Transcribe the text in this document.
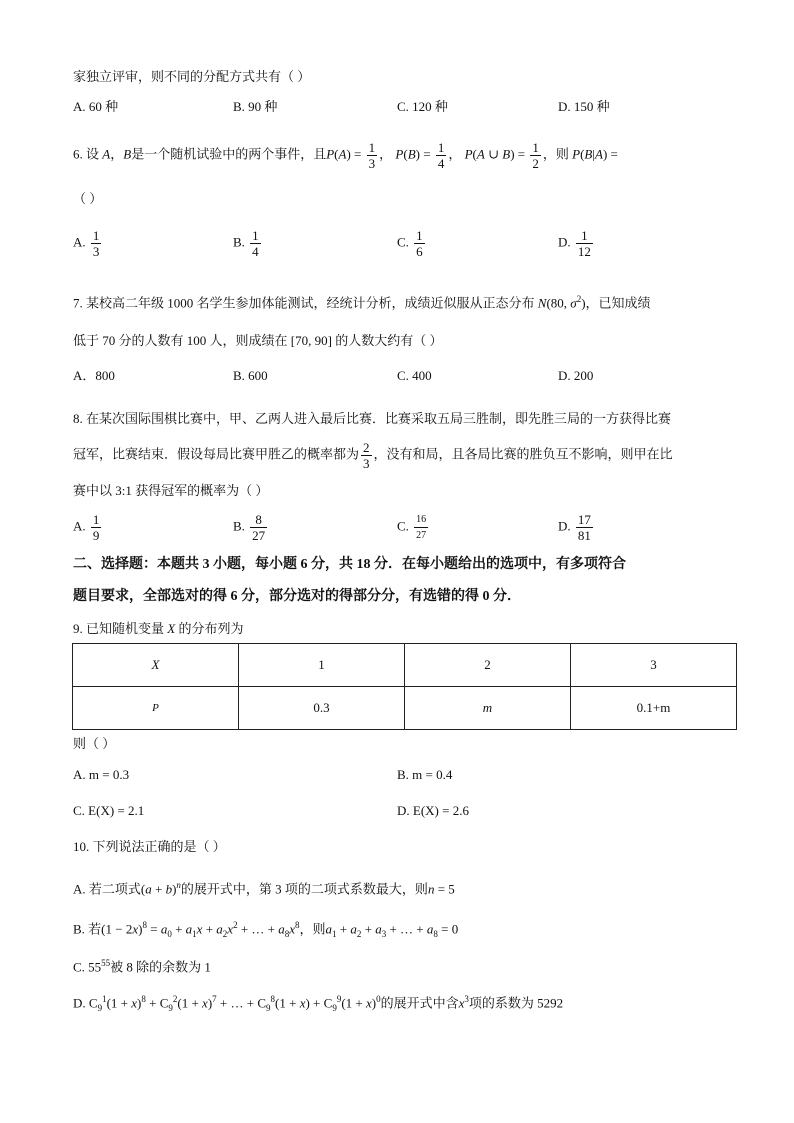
家独立评审，则不同的分配方式共有（ ）
A. 60 种	B. 90 种	C. 120 种	D. 150 种
6. 设 A，B是一个随机试验中的两个事件，且$P(A) = \frac{1}{3}$ ， $P(B) = \frac{1}{4}$ ， P(A ∪ $B) = \frac{1}{2}$ ，则 P(B|A) =
（ ）
A. $\frac{1}{3}$	B. $\frac{1}{4}$	C. $\frac{1}{6}$	D. $\frac{1}{12}$
7. 某校高二年级 1000 名学生参加体能测试，经统计分析，成绩近似服从正态分布 N(80, $\sigma^2$)，已知成绩
低于 70 分的人数有 100 人，则成绩在 [70, 90] 的人数大约有（ ）
A．800	B. 600	C. 400	D. 200
8. 在某次国际围棋比赛中，甲、乙两人进入最后比赛．比赛采取五局三胜制，即先胜三局的一方获得比赛
冠军，比赛结束．假设每局比赛甲胜乙的概率都为 $\frac{2}{3}$ ，没有和局，且各局比赛的胜负互不影响，则甲在比
赛中以 3:1 获得冠军的概率为（ ）
A. $\frac{1}{9}$	B. $\frac{8}{27}$	C. $\frac{16}{27}$	D. $\frac{17}{81}$
二、选择题：本题共 3 小题，每小题 6 分，共 18 分．在每小题给出的选项中，有多项符合
题目要求，全部选对的得 6 分，部分选对的得部分分，有选错的得 0 分．
9. 已知随机变量 X 的分布列为
X	1	2	3
P	0.3	m	0.1+m
则（ ）
A. m = 0.3	B. m = 0.4
C. E(X) = 2.1	D. E(X) = 2.6
10. 下列说法正确的是（ ）
A. 若二项式$(a + b)^n$的展开式中，第 3 项的二项式系数最大，则n = 5
B. 若$(1 - 2x)^8 = a_0 + a_1x + a_2x^2$ + … + $a_8x^8$，则$a_1 + a_2 + a_3$ + … + $a_8 = 0$
C. $55^{55}$被 8 除的余数为 1
D. $C_9^1(1 + x)^8 + C_9^2(1 + x)^7$ + … + $C_9^8(1 + x) + C_9^9(1 + x)^0$的展开式中含$x^3$项的系数为 5292
